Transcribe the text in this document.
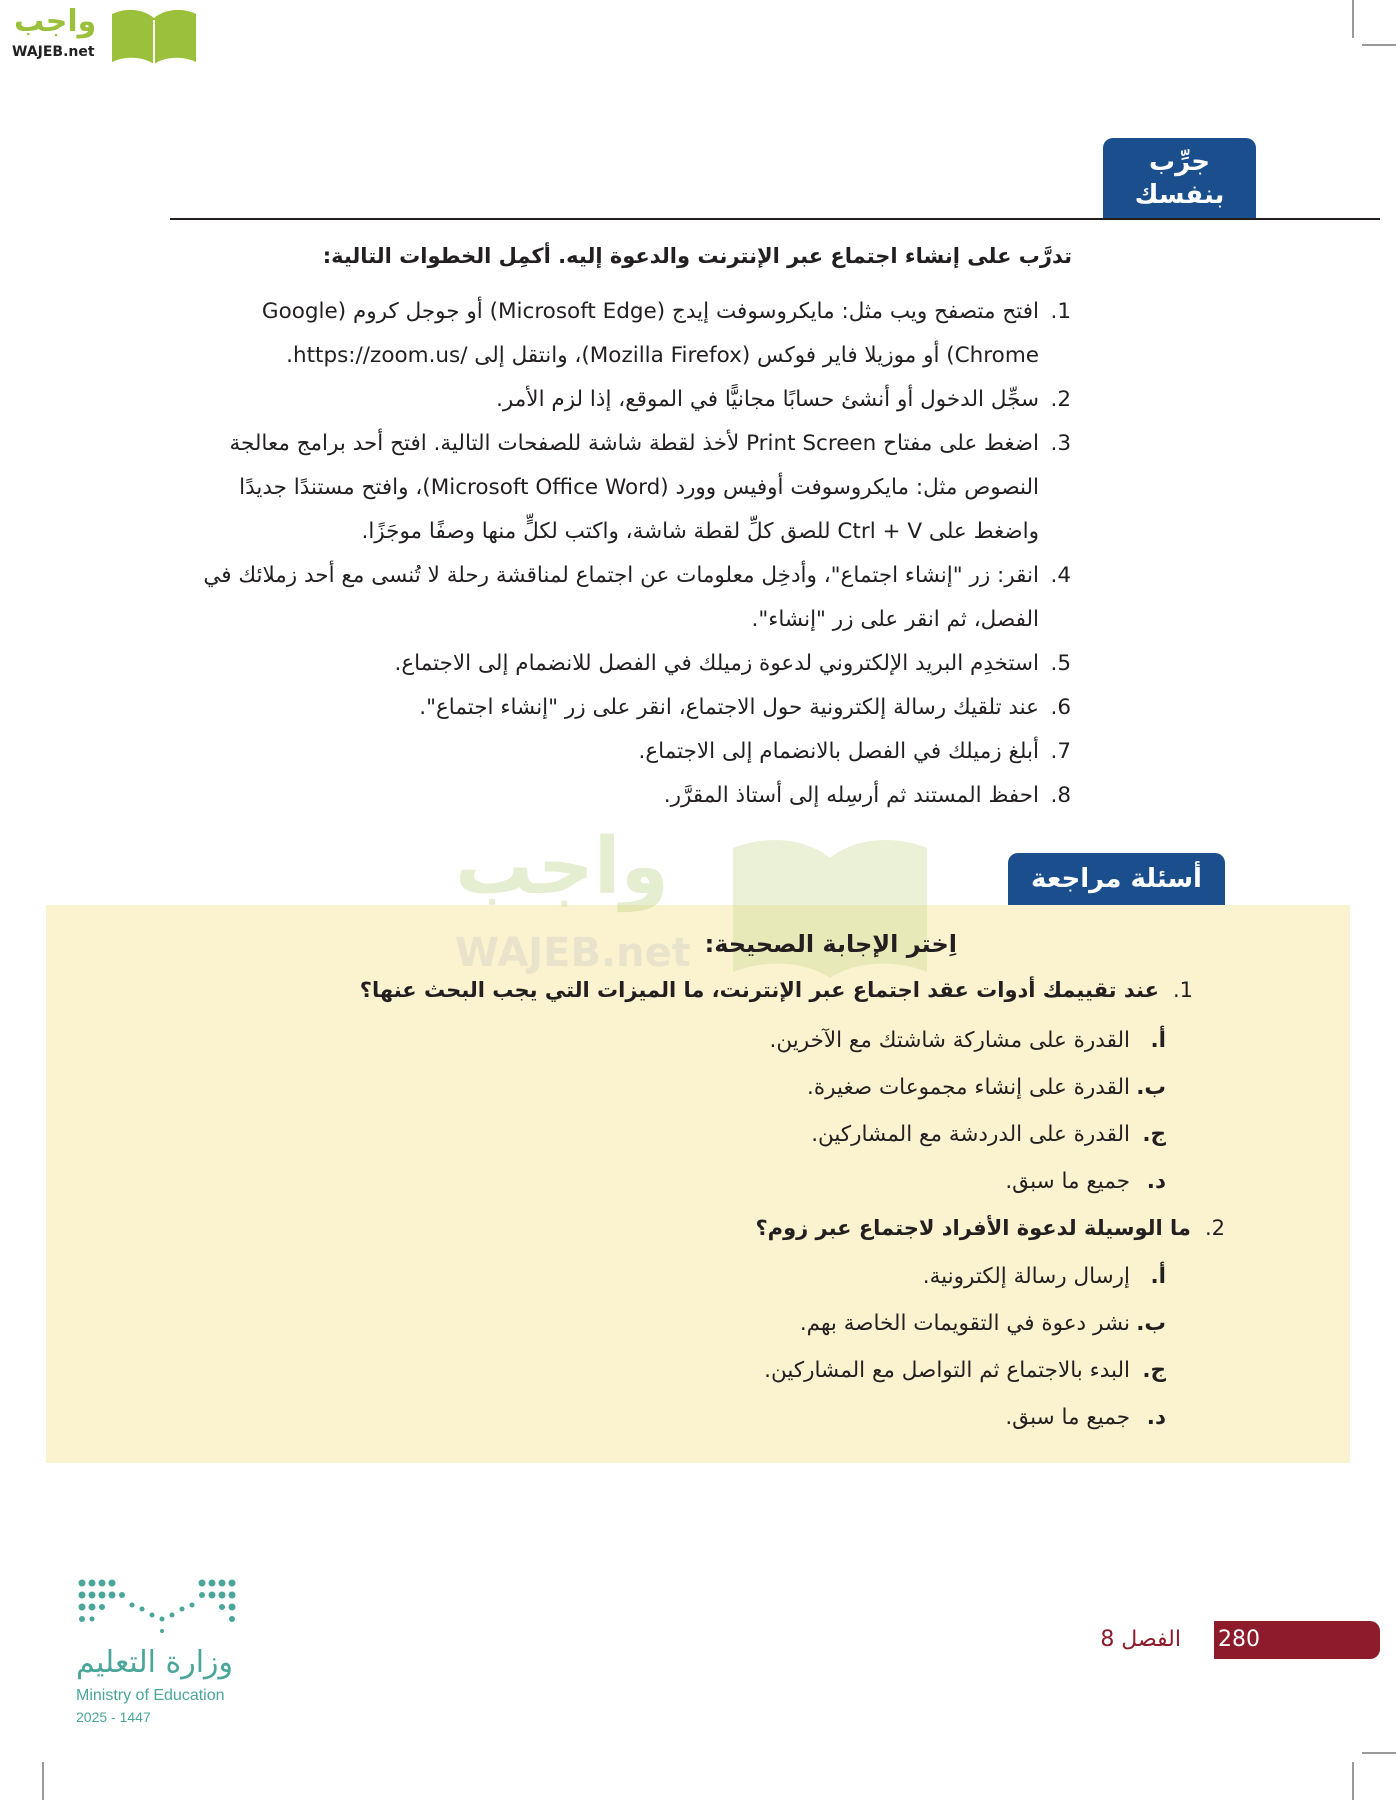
واجب
WAJEB.net
جرِّب
بنفسك
تدرَّب على إنشاء اجتماع عبر الإنترنت والدعوة إليه. أكمِل الخطوات التالية:
1.
افتح متصفح ويب مثل: مايكروسوفت إيدج (Microsoft Edge) أو جوجل كروم (Google Chrome) أو موزيلا فاير فوكس (Mozilla Firefox)، وانتقل إلى /https://zoom.us.
2.
سجِّل الدخول أو أنشئ حسابًا مجانيًّا في الموقع، إذا لزم الأمر.
3.
اضغط على مفتاح Print Screen لأخذ لقطة شاشة للصفحات التالية. افتح أحد برامج معالجة النصوص مثل: مايكروسوفت أوفيس وورد (Microsoft Office Word)، وافتح مستندًا جديدًا واضغط على Ctrl + V للصق كلِّ لقطة شاشة، واكتب لكلٍّ منها وصفًا موجَزًا.
4.
انقر: زر "إنشاء اجتماع"، وأدخِل معلومات عن اجتماع لمناقشة رحلة لا تُنسى مع أحد زملائك في الفصل، ثم انقر على زر "إنشاء".
5.
استخدِم البريد الإلكتروني لدعوة زميلك في الفصل للانضمام إلى الاجتماع.
6.
عند تلقيك رسالة إلكترونية حول الاجتماع، انقر على زر "إنشاء اجتماع".
7.
أبلغ زميلك في الفصل بالانضمام إلى الاجتماع.
8.
احفظ المستند ثم أرسِله إلى أستاذ المقرَّر.
أسئلة مراجعة
واجب
WAJEB.net اِختر الإجابة الصحيحة:
1.عند تقييمك أدوات عقد اجتماع عبر الإنترنت، ما الميزات التي يجب البحث عنها؟
أ.
القدرة على مشاركة شاشتك مع الآخرين.
ب.
القدرة على إنشاء مجموعات صغيرة.
ج.
القدرة على الدردشة مع المشاركين.
د.
جميع ما سبق.
2.ما الوسيلة لدعوة الأفراد لاجتماع عبر زوم؟
أ.
إرسال رسالة إلكترونية.
ب.
نشر دعوة في التقويمات الخاصة بهم.
ج.
البدء بالاجتماع ثم التواصل مع المشاركين.
د.
جميع ما سبق.
280
الفصل 8
وزارة التعليم
Ministry of Education
2025 - 1447
